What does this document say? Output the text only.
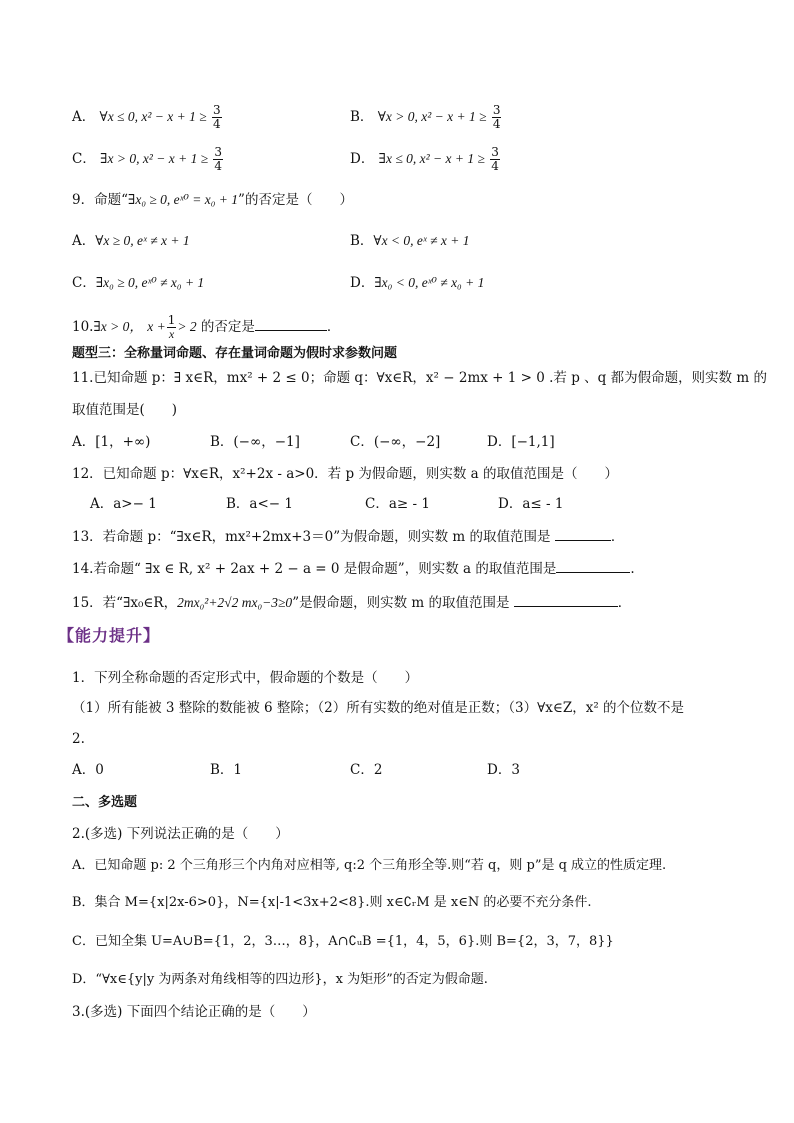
A． ∀x ≤ 0, $x^2 - x + 1 \ge \frac{3}{4}$	B． ∀x > 0, $x^2 - x + 1 \ge \frac{3}{4}$
C． ∃x > 0, $x^2 - x + 1 \ge \frac{3}{4}$	D． ∃x ≤ 0, $x^2 - x + 1 \ge \frac{3}{4}$
9．命题“∃x₀ ≥ 0, eˣ⁰ = x₀ + 1”的否定是（　　）
A．∀x ≥ 0, eˣ ≠ x + 1	B．∀x < 0, eˣ ≠ x + 1
C．∃x₀ ≥ 0, eˣ⁰ ≠ x₀ + 1	D．∃x₀ < 0, eˣ⁰ ≠ x₀ + 1
10.∃x > 0， $x + \frac{1}{x} > 2$ 的否定是	．
题型三：全称量词命题、存在量词命题为假时求参数问题
11.已知命题 p：∃ x∈R，mx² + 2 ≤ 0；命题 q：∀x∈R，x² − 2mx + 1 > 0 .若 p 、q 都为假命题，则实数 m 的
取值范围是(　　)
A．[1，+∞)	B．(−∞，−1]	C．(−∞，−2]	D．[−1,1]
12．已知命题 p：∀x∈R，x²+2x - a>0．若 p 为假命题，则实数 a 的取值范围是（　　）
A．a>− 1	B．a<− 1	C．a≥ - 1	D．a≤ - 1
13．若命题 p：“∃x∈R，mx²+2mx+3＝0”为假命题，则实数 m 的取值范围是	．
14.若命题“ ∃x ∈ R, x² + 2ax + 2 − a = 0 是假命题”，则实数 a 的取值范围是	.
15．若“∃x₀∈R，2mx₀²+2√2 mx₀−3≥0”是假命题，则实数 m 的取值范围是	．
【能力提升】
1．下列全称命题的否定形式中，假命题的个数是（　　）
（1）所有能被 3 整除的数能被 6 整除；（2）所有实数的绝对值是正数；（3）∀x∈Z，x² 的个位数不是
2.
A．0	B．1	C．2	D．3
二、多选题
2.(多选) 下列说法正确的是（　　）
A．已知命题 p: 2 个三角形三个内角对应相等, q:2 个三角形全等.则“若 q，则 p”是 q 成立的性质定理.
B．集合 M={x|2x-6>0}，N={x|-1<3x+2<8}.则 x∈∁ᵣM 是 x∈N 的必要不充分条件.
C．已知全集 U=A∪B={1，2，3…，8}，A∩∁ᵤB ={1，4，5，6}.则 B={2，3，7，8}}
D．“∀x∈{y|y 为两条对角线相等的四边形}，x 为矩形”的否定为假命题.
3.(多选) 下面四个结论正确的是（　　）
